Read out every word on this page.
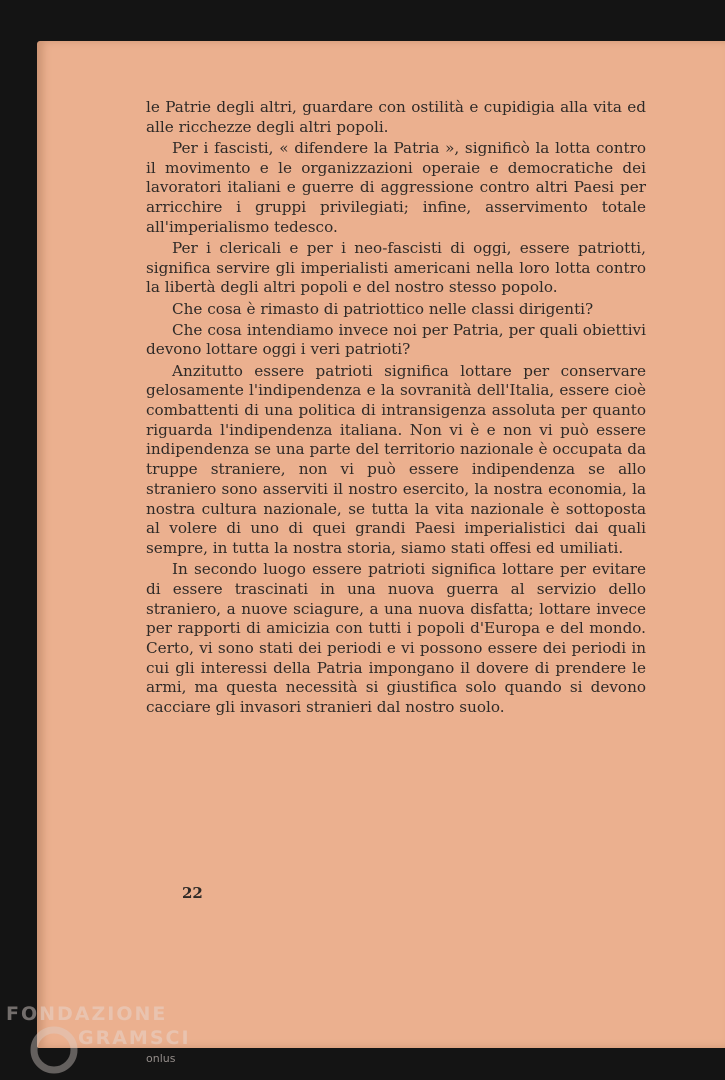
le Patrie degli altri, guardare con ostilità e cupidigia alla vita ed alle ricchezze degli altri popoli.

Per i fascisti, « difendere la Patria », significò la lotta contro il movimento e le organizzazioni operaie e democratiche dei lavoratori italiani e guerre di aggressione contro altri Paesi per arricchire i gruppi privilegiati; infine, asservimento totale all'imperialismo tedesco.

Per i clericali e per i neo-fascisti di oggi, essere patriotti, significa servire gli imperialisti americani nella loro lotta contro la libertà degli altri popoli e del nostro stesso popolo.

Che cosa è rimasto di patriottico nelle classi dirigenti?

Che cosa intendiamo invece noi per Patria, per quali obiettivi devono lottare oggi i veri patrioti?

Anzitutto essere patrioti significa lottare per conservare gelosamente l'indipendenza e la sovranità dell'Italia, essere cioè combattenti di una politica di intransigenza assoluta per quanto riguarda l'indipendenza italiana. Non vi è e non vi può essere indipendenza se una parte del territorio nazionale è occupata da truppe straniere, non vi può essere indipendenza se allo straniero sono asserviti il nostro esercito, la nostra economia, la nostra cultura nazionale, se tutta la vita nazionale è sottoposta al volere di uno di quei grandi Paesi imperialistici dai quali sempre, in tutta la nostra storia, siamo stati offesi ed umiliati.

In secondo luogo essere patrioti significa lottare per evitare di essere trascinati in una nuova guerra al servizio dello straniero, a nuove sciagure, a una nuova disfatta; lottare invece per rapporti di amicizia con tutti i popoli d'Europa e del mondo. Certo, vi sono stati dei periodi e vi possono essere dei periodi in cui gli interessi della Patria impongano il dovere di prendere le armi, ma questa necessità si giustifica solo quando si devono cacciare gli invasori stranieri dal nostro suolo.

22
FONDAZIONE
GRAMSCI
onlus
